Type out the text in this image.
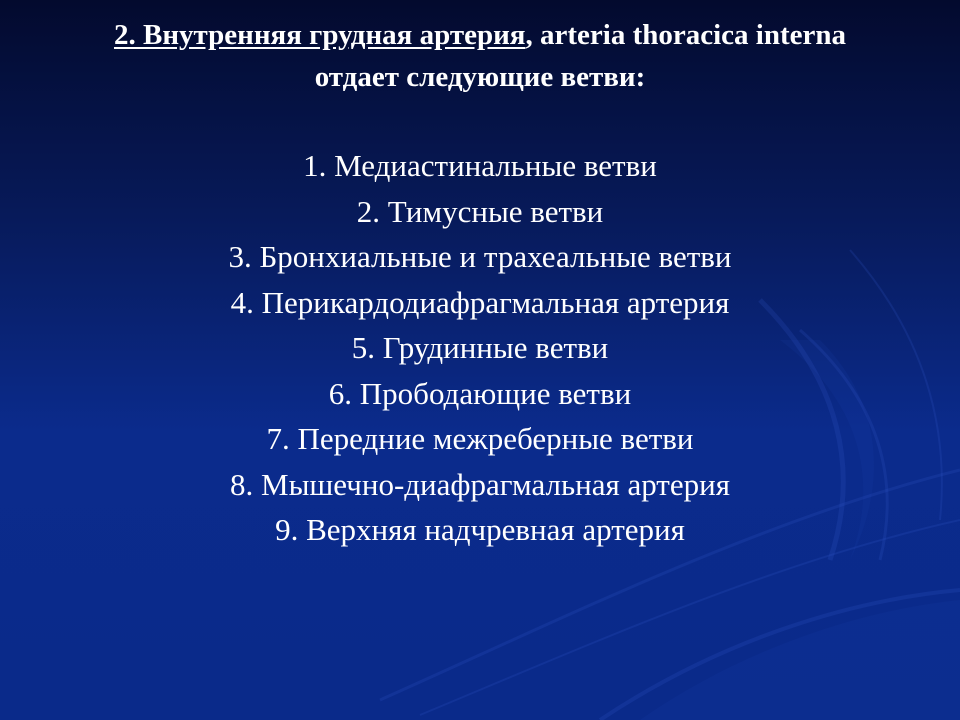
2. Внутренняя грудная артерия, arteria thoracica interna
отдает следующие ветви:
1. Медиастинальные ветви
2. Тимусные ветви
3. Бронхиальные и трахеальные ветви
4. Перикардодиафрагмальная артерия
5. Грудинные ветви
6. Прободающие ветви
7. Передние межреберные ветви
8. Мышечно-диафрагмальная артерия
9. Верхняя надчревная артерия
